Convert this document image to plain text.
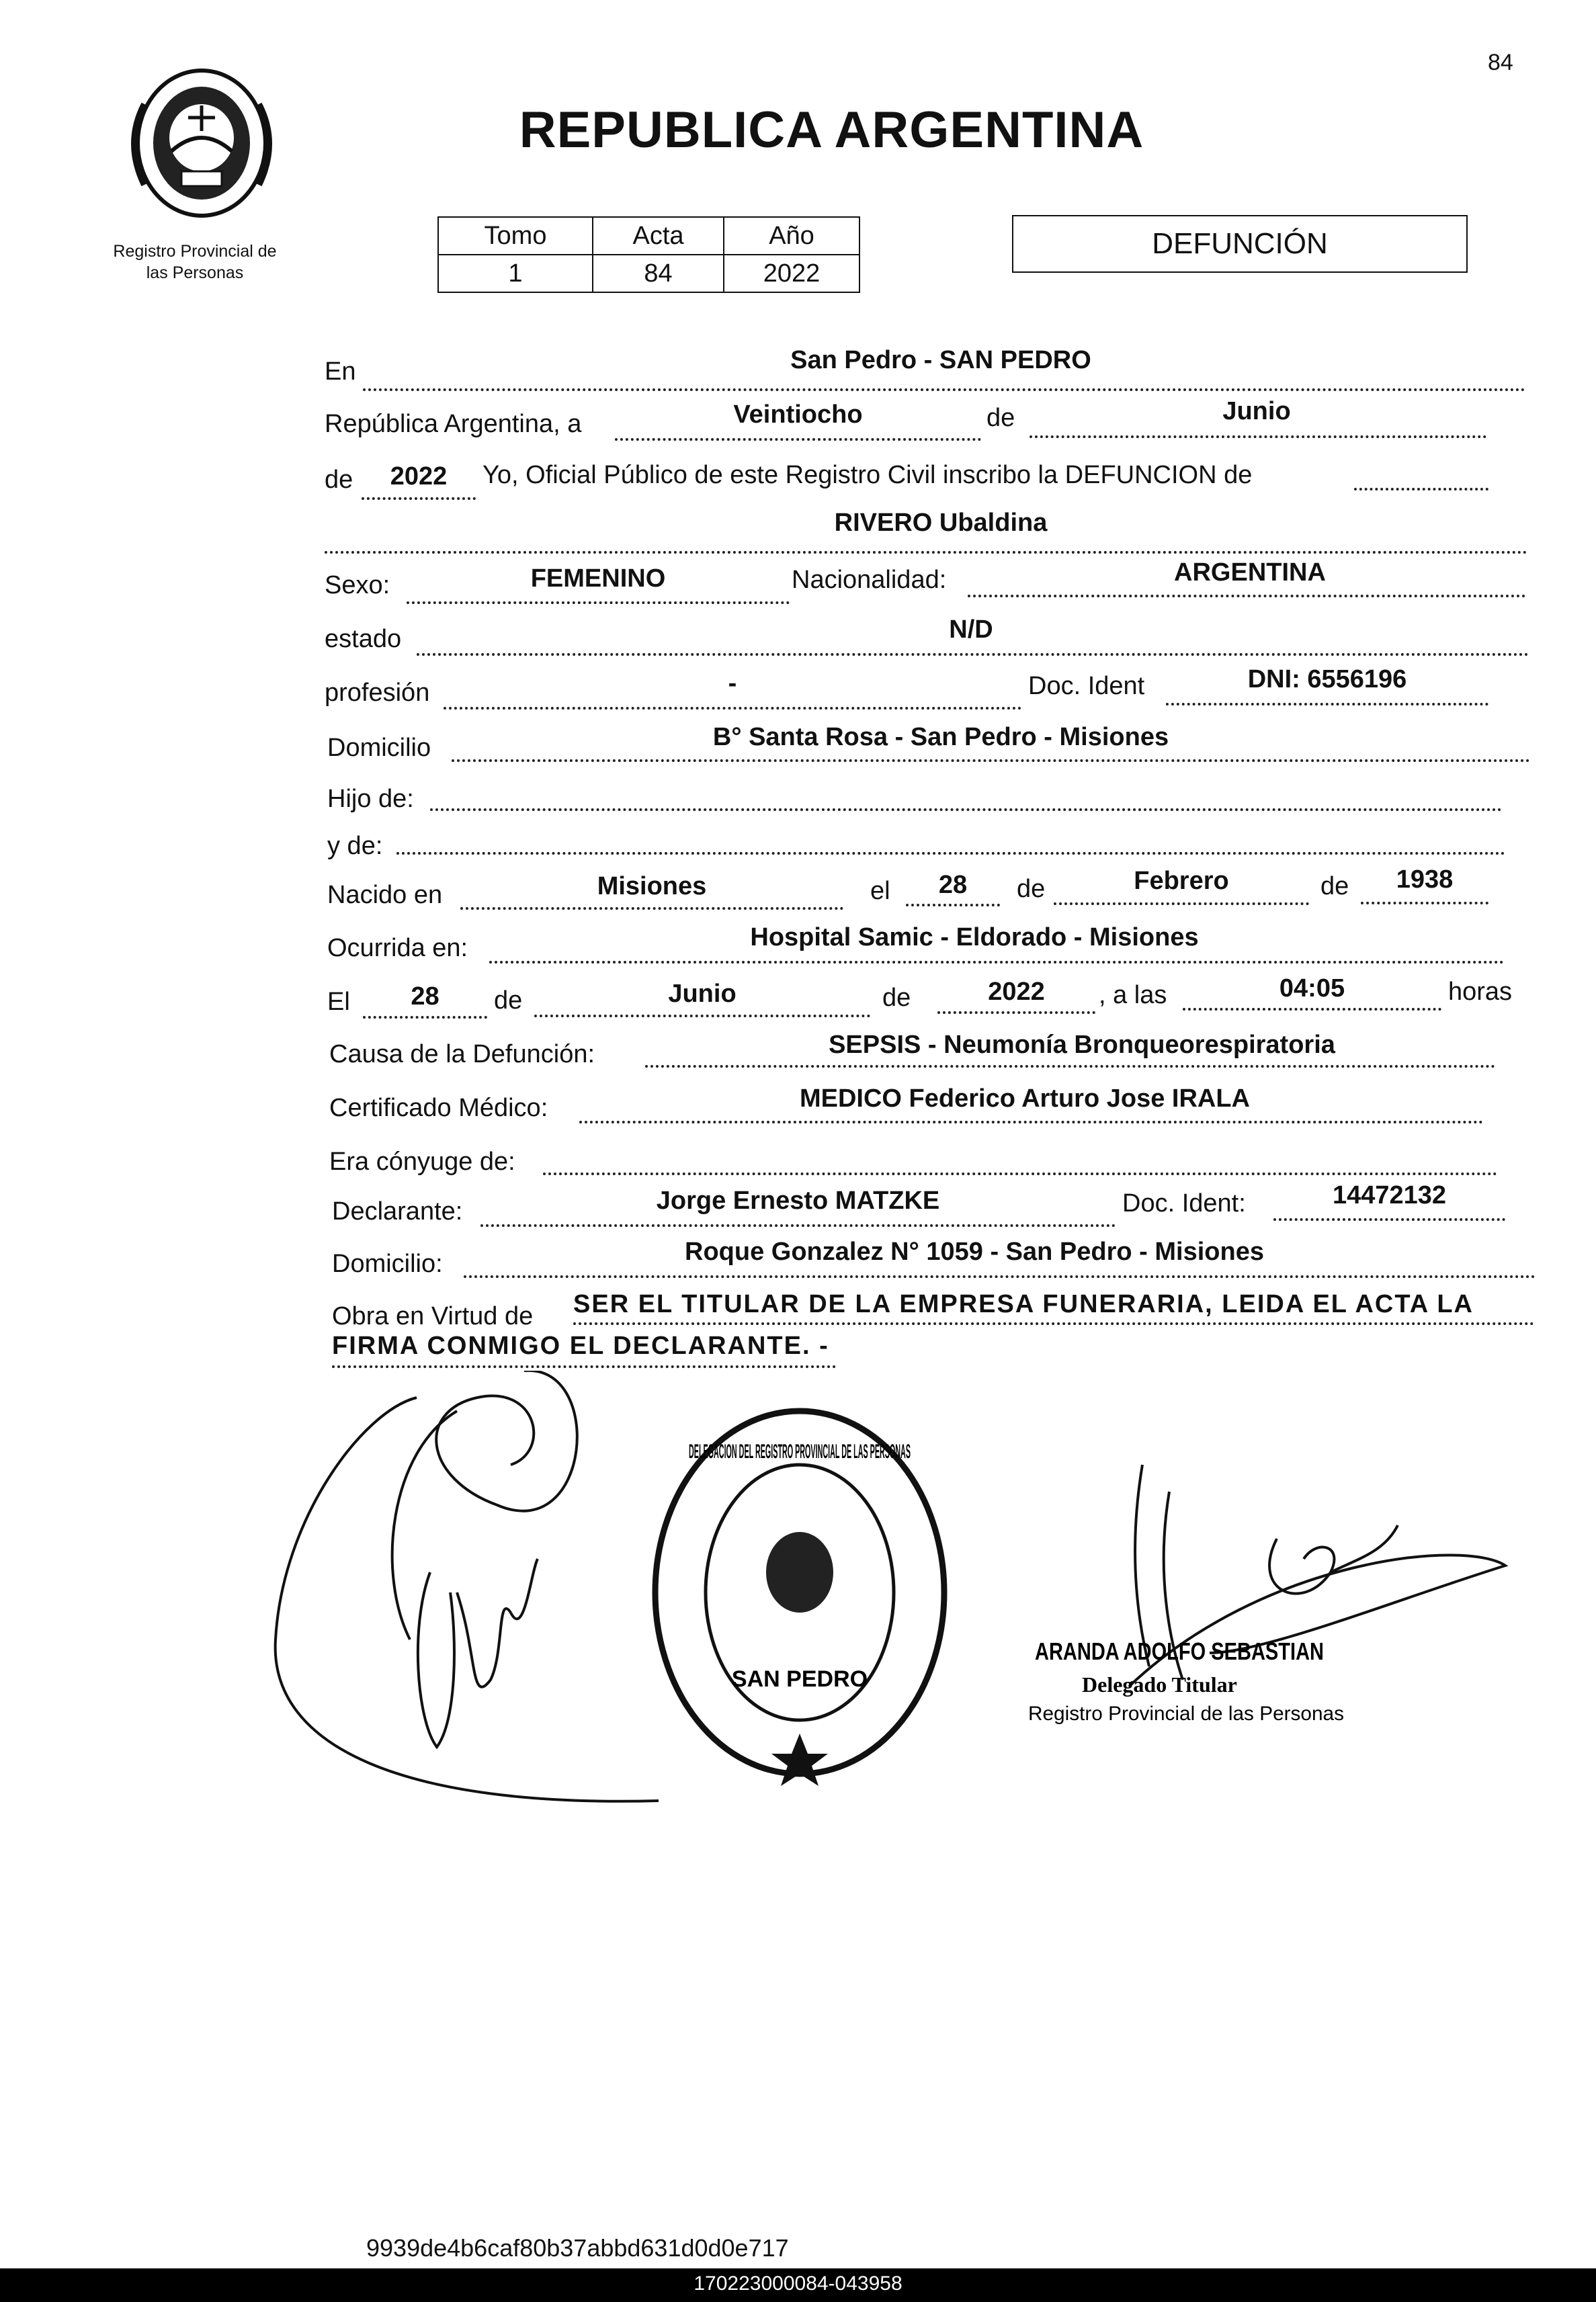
84
Registro Provincial de
las Personas
REPUBLICA ARGENTINA
Tomo	Acta	Año
1	84	2022
DEFUNCIÓN
En	San Pedro - SAN PEDRO
República Argentina, a	Veintiocho	de	Junio
de	2022	Yo, Oficial Público de este Registro Civil inscribo la DEFUNCION de
RIVERO Ubaldina
Sexo:	FEMENINO	Nacionalidad:	ARGENTINA
estado	N/D
profesión	-	Doc. Ident	DNI: 6556196
Domicilio	B° Santa Rosa - San Pedro - Misiones
Hijo de:
y de:
Nacido en	Misiones	el	28	de	Febrero	de	1938
Ocurrida en:	Hospital Samic - Eldorado - Misiones
El	28	de	Junio	de	2022	, a las	04:05	horas
Causa de la Defunción:	SEPSIS - Neumonía Bronqueorespiratoria
Certificado Médico:	MEDICO Federico Arturo Jose IRALA
Era cónyuge de:
Declarante:	Jorge Ernesto MATZKE	Doc. Ident:	14472132
Domicilio:	Roque Gonzalez N° 1059 - San Pedro - Misiones
Obra en Virtud de SER EL TITULAR DE LA EMPRESA FUNERARIA, LEIDA EL ACTA LA
FIRMA CONMIGO EL DECLARANTE. -
DELEGACION DEL REGISTRO PROVINCIAL DE LAS PERSONAS
SAN PEDRO
ARANDA ADOLFO SEBASTIAN
Delegado Titular
Registro Provincial de las Personas
9939de4b6caf80b37abbd631d0d0e717
170223000084-043958
